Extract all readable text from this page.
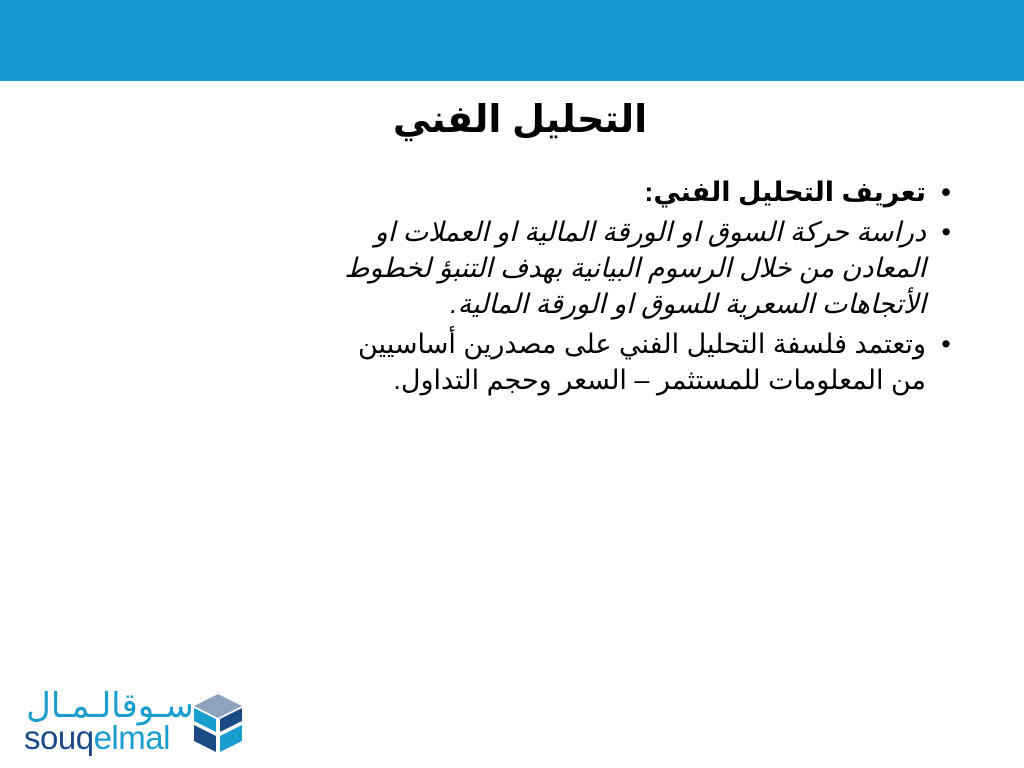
التحليل الفني
•
تعريف التحليل الفني:
•
دراسة حركة السوق او الورقة المالية او العملات او المعادن من خلال الرسوم البيانية بهدف التنبؤ لخطوط الأتجاهات السعرية للسوق او الورقة المالية.
•
وتعتمد فلسفة التحليل الفني على مصدرين أساسيين من المعلومات للمستثمر – السعر وحجم التداول.
سـوقالـمـال
souqelmal
